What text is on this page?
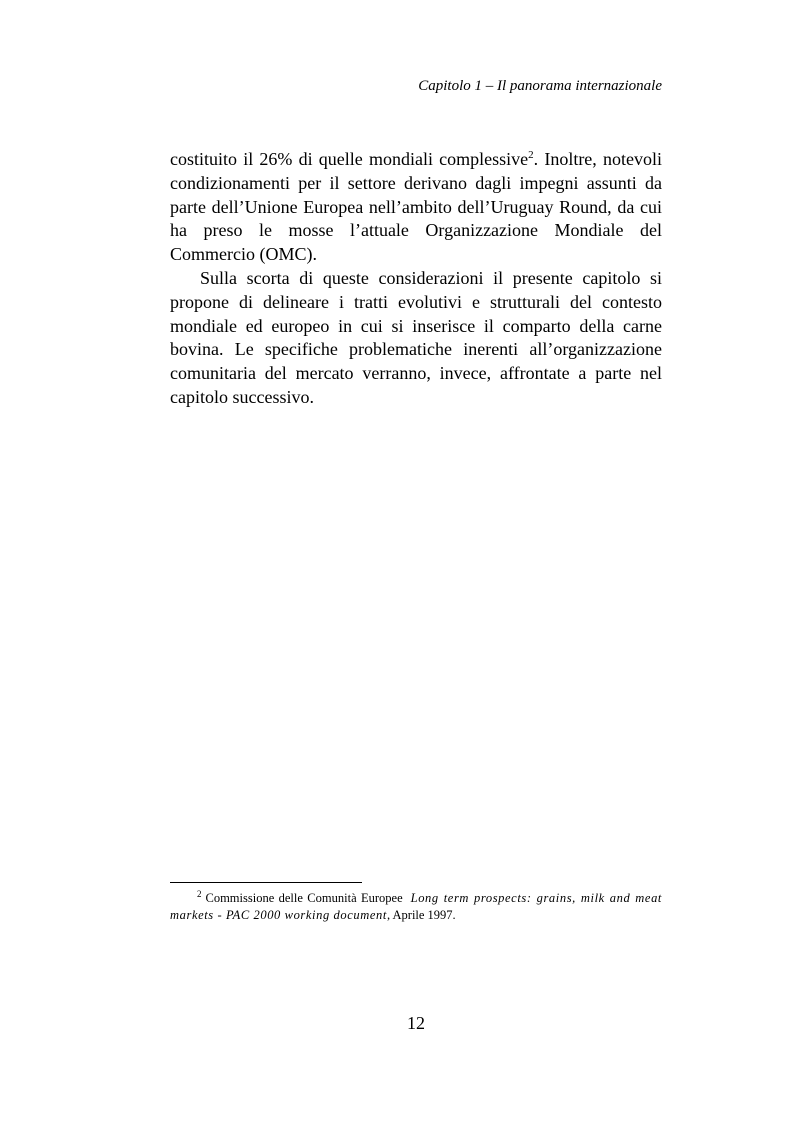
Capitolo 1 – Il panorama internazionale

costituito il 26% di quelle mondiali complessive$^2$. Inoltre, notevoli condizionamenti per il settore derivano dagli impegni assunti da parte dell’Unione Europea nell’ambito dell’Uruguay Round, da cui ha preso le mosse l’attuale Organizzazione Mondiale del Commercio (OMC).

Sulla scorta di queste considerazioni il presente capitolo si propone di delineare i tratti evolutivi e strutturali del contesto mondiale ed europeo in cui si inserisce il comparto della carne bovina. Le specifiche problematiche inerenti all’organizzazione comunitaria del mercato verranno, invece, affrontate a parte nel capitolo successivo.

$^2$ Commissione delle Comunità Europee Long term prospects: grains, milk and meat markets - PAC 2000 working document, Aprile 1997.
12
